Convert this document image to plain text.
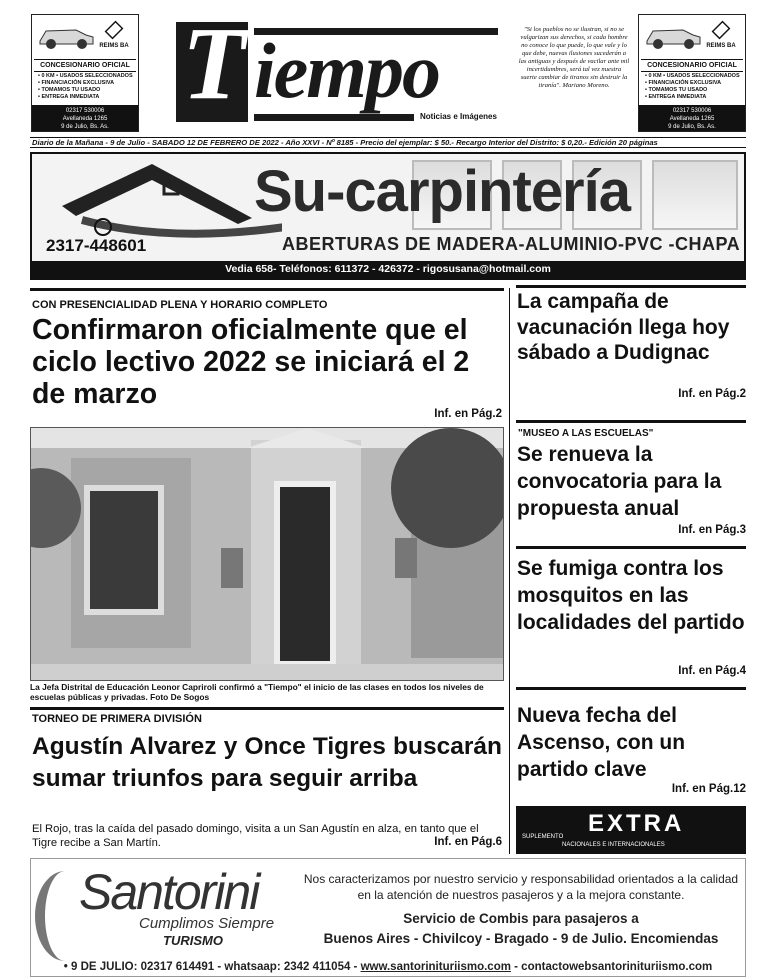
REIMS BA
CONCESIONARIO OFICIAL
• 0 KM • USADOS SELECCIONADOS
• FINANCIACIÓN EXCLUSIVA
• TOMAMOS TU USADO
• ENTREGA INMEDIATA
02317 530006
Avellaneda 1265
9 de Julio, Bs. As.
REIMS BA
CONCESIONARIO OFICIAL
• 0 KM • USADOS SELECCIONADOS
• FINANCIACIÓN EXCLUSIVA
• TOMAMOS TU USADO
• ENTREGA INMEDIATA
02317 530006
Avellaneda 1265
9 de Julio, Bs. As.
T iempo
Noticias e Imágenes
"Si los pueblos no se ilustran, si no se vulgarizan sus derechos, si cada hombre no conoce lo que puede, lo que vale y lo que debe, nuevas ilusiones sucederán a las antiguas y después de vacilar ante mil incertidumbres, será tal vez nuestra suerte cambiar de tiranos sin destruir la tiranía". Mariano Moreno.
Diario de la Mañana - 9 de Julio - SABADO 12 DE FEBRERO DE 2022 - Año XXVI - Nº 8185 - Precio del ejemplar: $ 50.- Recargo Interior del Distrito: $ 0,20.- Edición 20 páginas
Su-carpintería
2317-448601	ABERTURAS DE MADERA-ALUMINIO-PVC -CHAPA
Vedia 658- Teléfonos: 611372 - 426372 - rigosusana@hotmail.com
CON PRESENCIALIDAD PLENA Y HORARIO COMPLETO
Confirmaron oficialmente que el ciclo lectivo 2022 se iniciará el 2 de marzo
Inf. en Pág.2
La Jefa Distrital de Educación Leonor Capriroli confirmó a "Tiempo" el inicio de las clases en todos los niveles de escuelas públicas y privadas. Foto De Sogos
TORNEO DE PRIMERA DIVISIÓN
Agustín Alvarez y Once Tigres buscarán sumar triunfos para seguir arriba
El Rojo, tras la caída del pasado domingo, visita a un San Agustín en alza, en tanto que el Tigre recibe a San Martín.	Inf. en Pág.6
La campaña de vacunación llega hoy sábado a Dudignac
Inf. en Pág.2
"MUSEO A LAS ESCUELAS"
Se renueva la convocatoria para la propuesta anual
Inf. en Pág.3
Se fumiga contra los mosquitos en las localidades del partido
Inf. en Pág.4
Nueva fecha del Ascenso, con un partido clave
Inf. en Pág.12
EXTRA
SUPLEMENTO
NACIONALES E INTERNACIONALES
Santorini
Cumplimos Siempre
TURISMO
Nos caracterizamos por nuestro servicio y responsabilidad orientados a la calidad en la atención de nuestros pasajeros y a la mejora constante.
Servicio de Combis para pasajeros a
Buenos Aires - Chivilcoy - Bragado - 9 de Julio. Encomiendas
• 9 DE JULIO: 02317 614491 - whatsaap: 2342 411054 - www.santorinituriismo.com - contactowebsantorinituriismo.com
